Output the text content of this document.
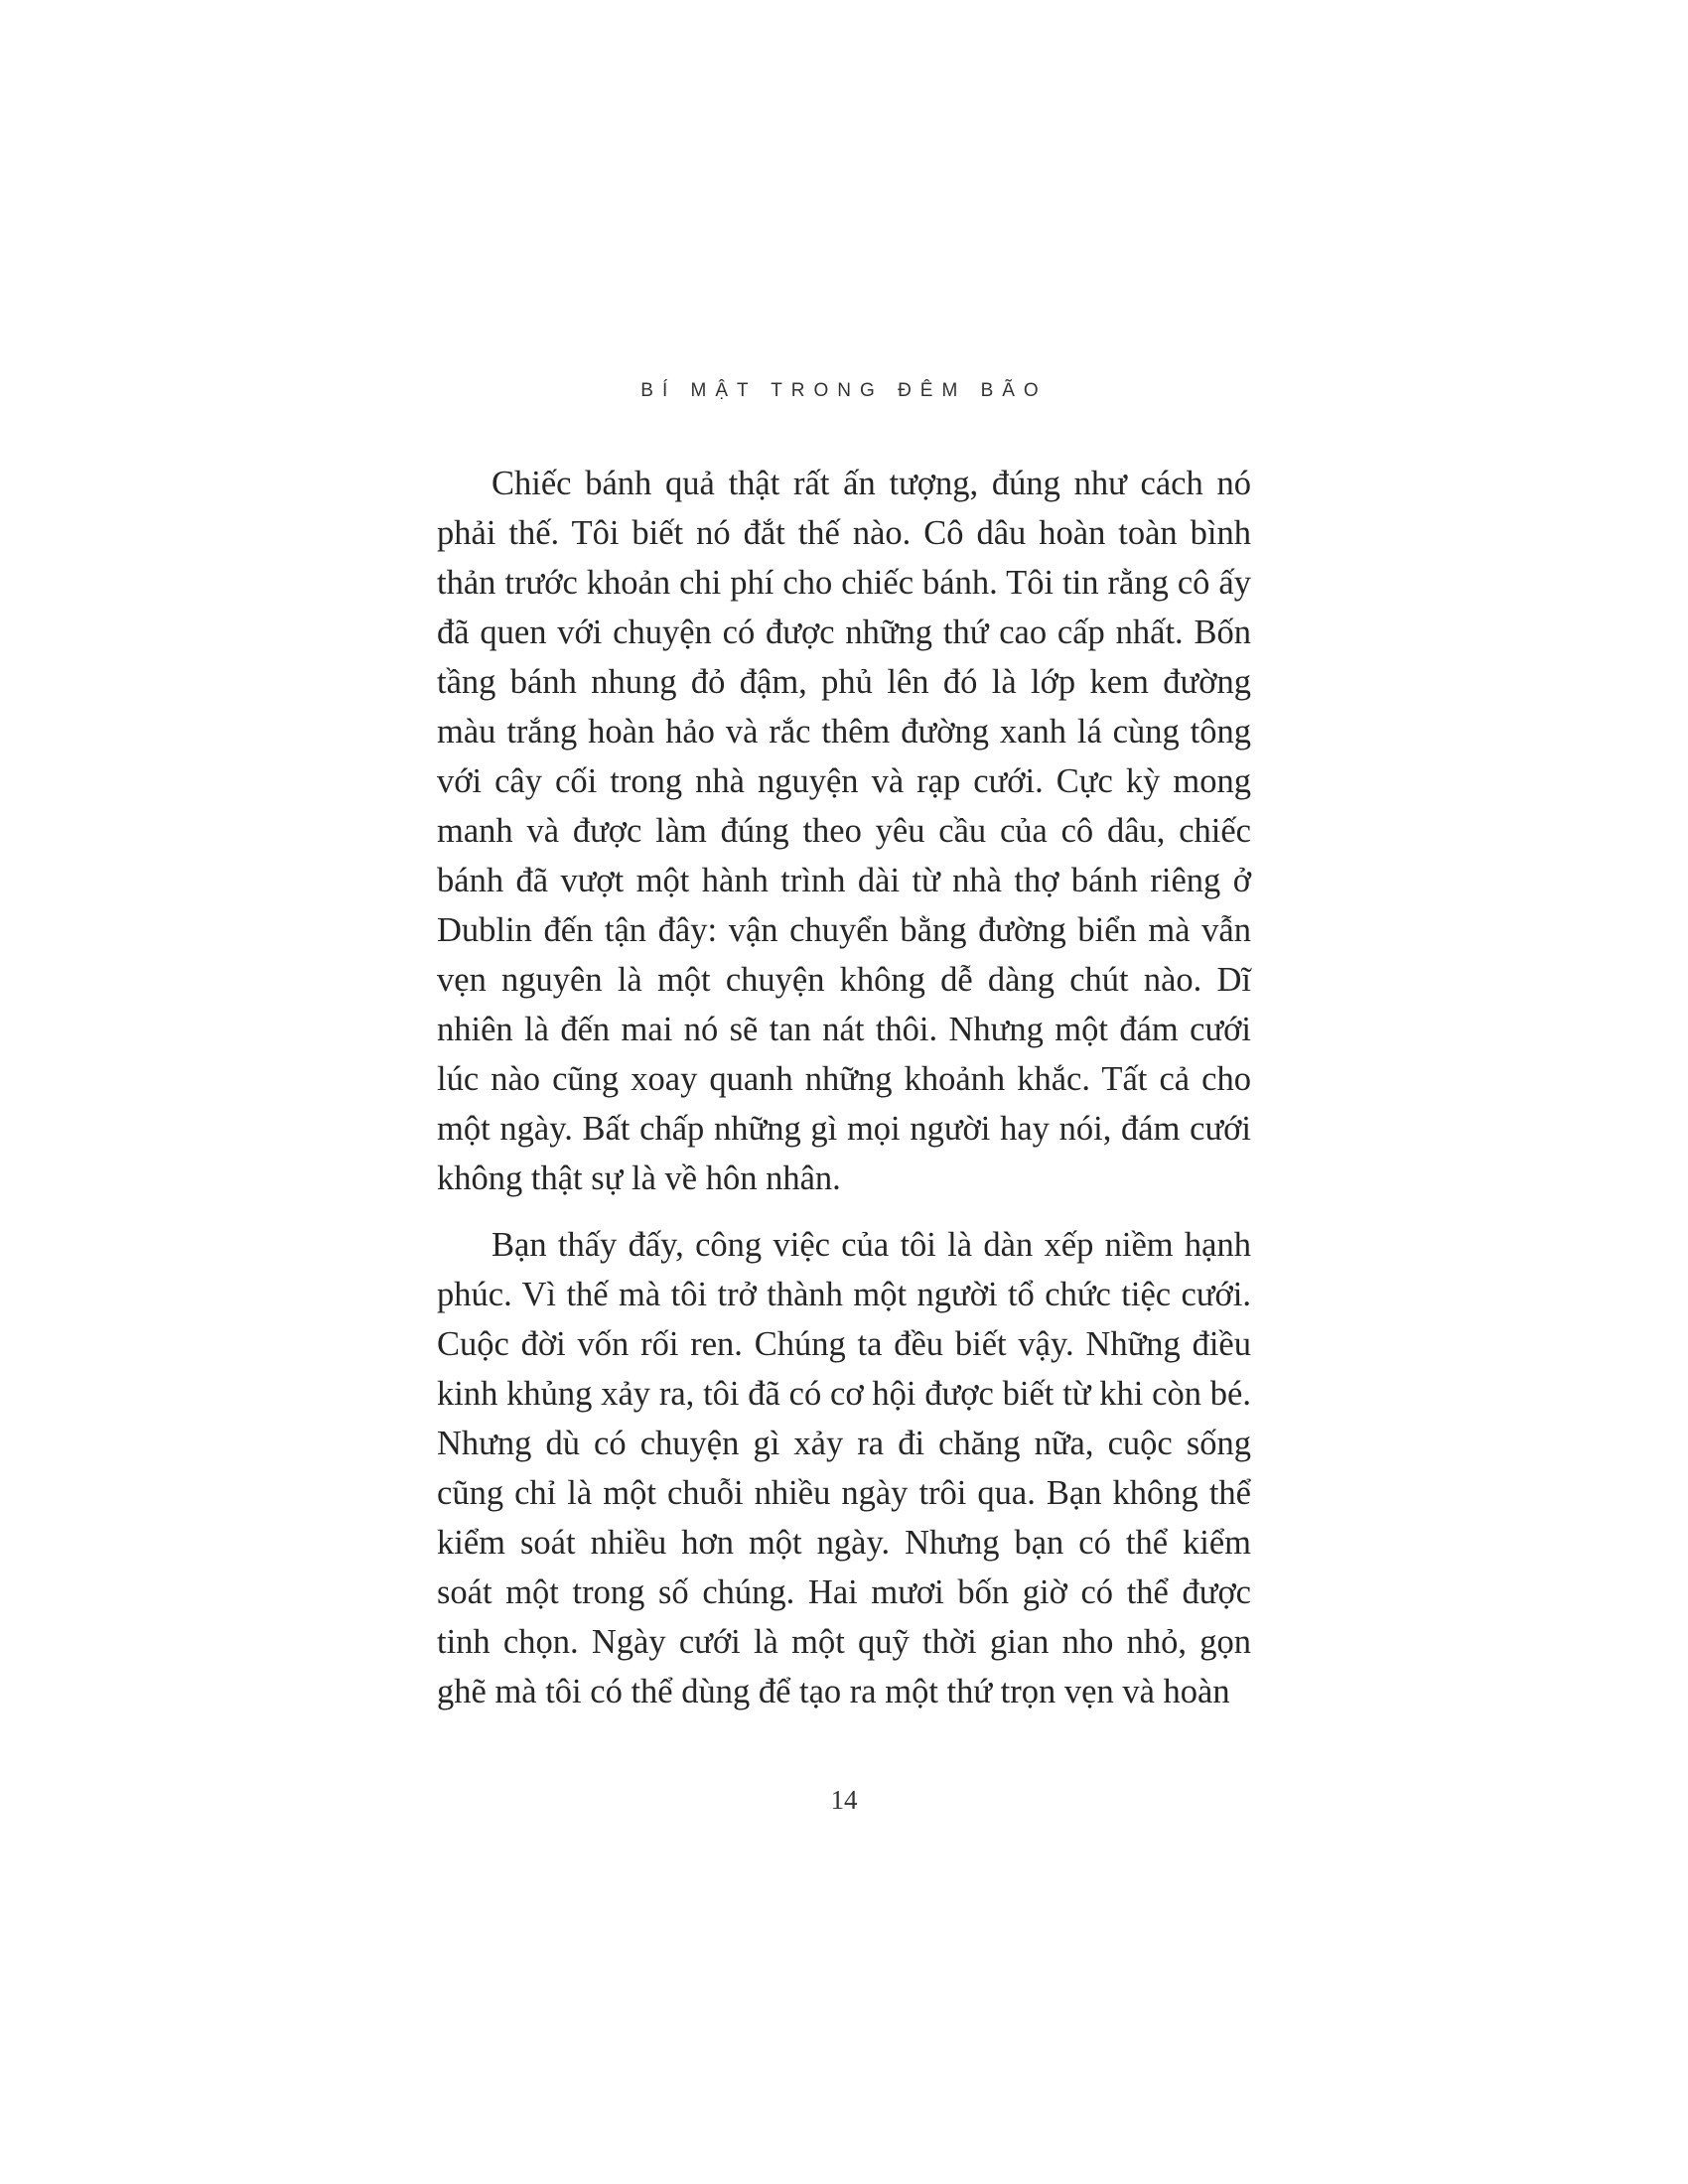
BÍ MẬT TRONG ĐÊM BÃO

Chiếc bánh quả thật rất ấn tượng, đúng như cách nó phải thế. Tôi biết nó đắt thế nào. Cô dâu hoàn toàn bình thản trước khoản chi phí cho chiếc bánh. Tôi tin rằng cô ấy đã quen với chuyện có được những thứ cao cấp nhất. Bốn tầng bánh nhung đỏ đậm, phủ lên đó là lớp kem đường màu trắng hoàn hảo và rắc thêm đường xanh lá cùng tông với cây cối trong nhà nguyện và rạp cưới. Cực kỳ mong manh và được làm đúng theo yêu cầu của cô dâu, chiếc bánh đã vượt một hành trình dài từ nhà thợ bánh riêng ở Dublin đến tận đây: vận chuyển bằng đường biển mà vẫn vẹn nguyên là một chuyện không dễ dàng chút nào. Dĩ nhiên là đến mai nó sẽ tan nát thôi. Nhưng một đám cưới lúc nào cũng xoay quanh những khoảnh khắc. Tất cả cho một ngày. Bất chấp những gì mọi người hay nói, đám cưới không thật sự là về hôn nhân.

Bạn thấy đấy, công việc của tôi là dàn xếp niềm hạnh phúc. Vì thế mà tôi trở thành một người tổ chức tiệc cưới. Cuộc đời vốn rối ren. Chúng ta đều biết vậy. Những điều kinh khủng xảy ra, tôi đã có cơ hội được biết từ khi còn bé. Nhưng dù có chuyện gì xảy ra đi chăng nữa, cuộc sống cũng chỉ là một chuỗi nhiều ngày trôi qua. Bạn không thể kiểm soát nhiều hơn một ngày. Nhưng bạn có thể kiểm soát một trong số chúng. Hai mươi bốn giờ có thể được tinh chọn. Ngày cưới là một quỹ thời gian nho nhỏ, gọn ghẽ mà tôi có thể dùng để tạo ra một thứ trọn vẹn và hoàn

14
